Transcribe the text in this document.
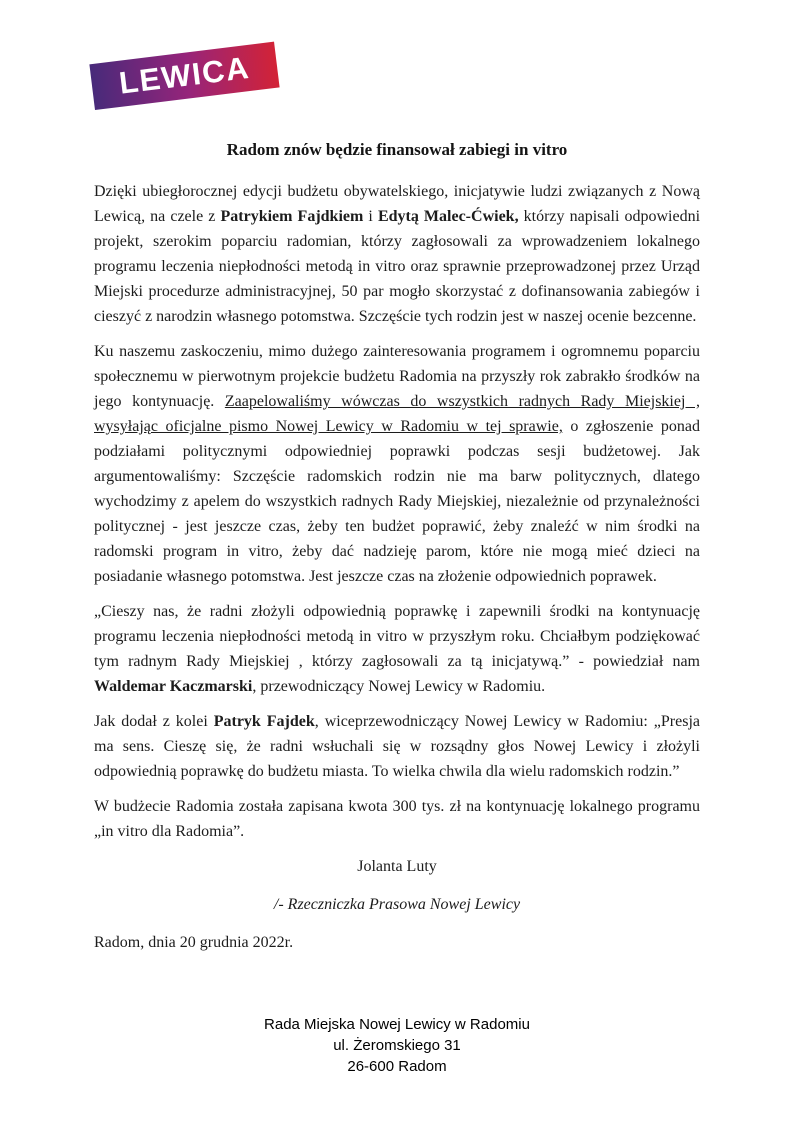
LEWICA
Radom znów będzie finansował zabiegi in vitro

Dzięki ubiegłorocznej edycji budżetu obywatelskiego, inicjatywie ludzi związanych z Nową Lewicą, na czele z Patrykiem Fajdkiem i Edytą Malec-Ćwiek, którzy napisali odpowiedni projekt, szerokim poparciu radomian, którzy zagłosowali za wprowadzeniem lokalnego programu leczenia niepłodności metodą in vitro oraz sprawnie przeprowadzonej przez Urząd Miejski procedurze administracyjnej, 50 par mogło skorzystać z dofinansowania zabiegów i cieszyć z narodzin własnego potomstwa. Szczęście tych rodzin jest w naszej ocenie bezcenne.

Ku naszemu zaskoczeniu, mimo dużego zainteresowania programem i ogromnemu poparciu społecznemu w pierwotnym projekcie budżetu Radomia na przyszły rok zabrakło środków na jego kontynuację. Zaapelowaliśmy wówczas do wszystkich radnych Rady Miejskiej , wysyłając oficjalne pismo Nowej Lewicy w Radomiu w tej sprawie, o zgłoszenie ponad podziałami politycznymi odpowiedniej poprawki podczas sesji budżetowej. Jak argumentowaliśmy: Szczęście radomskich rodzin nie ma barw politycznych, dlatego wychodzimy z apelem do wszystkich radnych Rady Miejskiej, niezależnie od przynależności politycznej - jest jeszcze czas, żeby ten budżet poprawić, żeby znaleźć w nim środki na radomski program in vitro, żeby dać nadzieję parom, które nie mogą mieć dzieci na posiadanie własnego potomstwa. Jest jeszcze czas na złożenie odpowiednich poprawek.

„Cieszy nas, że radni złożyli odpowiednią poprawkę i zapewnili środki na kontynuację programu leczenia niepłodności metodą in vitro w przyszłym roku. Chciałbym podziękować tym radnym Rady Miejskiej , którzy zagłosowali za tą inicjatywą.” - powiedział nam Waldemar Kaczmarski, przewodniczący Nowej Lewicy w Radomiu.

Jak dodał z kolei Patryk Fajdek, wiceprzewodniczący Nowej Lewicy w Radomiu: „Presja ma sens. Cieszę się, że radni wsłuchali się w rozsądny głos Nowej Lewicy i złożyli odpowiednią poprawkę do budżetu miasta. To wielka chwila dla wielu radomskich rodzin.”

W budżecie Radomia została zapisana kwota 300 tys. zł na kontynuację lokalnego programu „in vitro dla Radomia”.

Jolanta Luty

/- Rzeczniczka Prasowa Nowej Lewicy

Radom, dnia 20 grudnia 2022r.

Rada Miejska Nowej Lewicy w Radomiu
ul. Żeromskiego 31
26-600 Radom
